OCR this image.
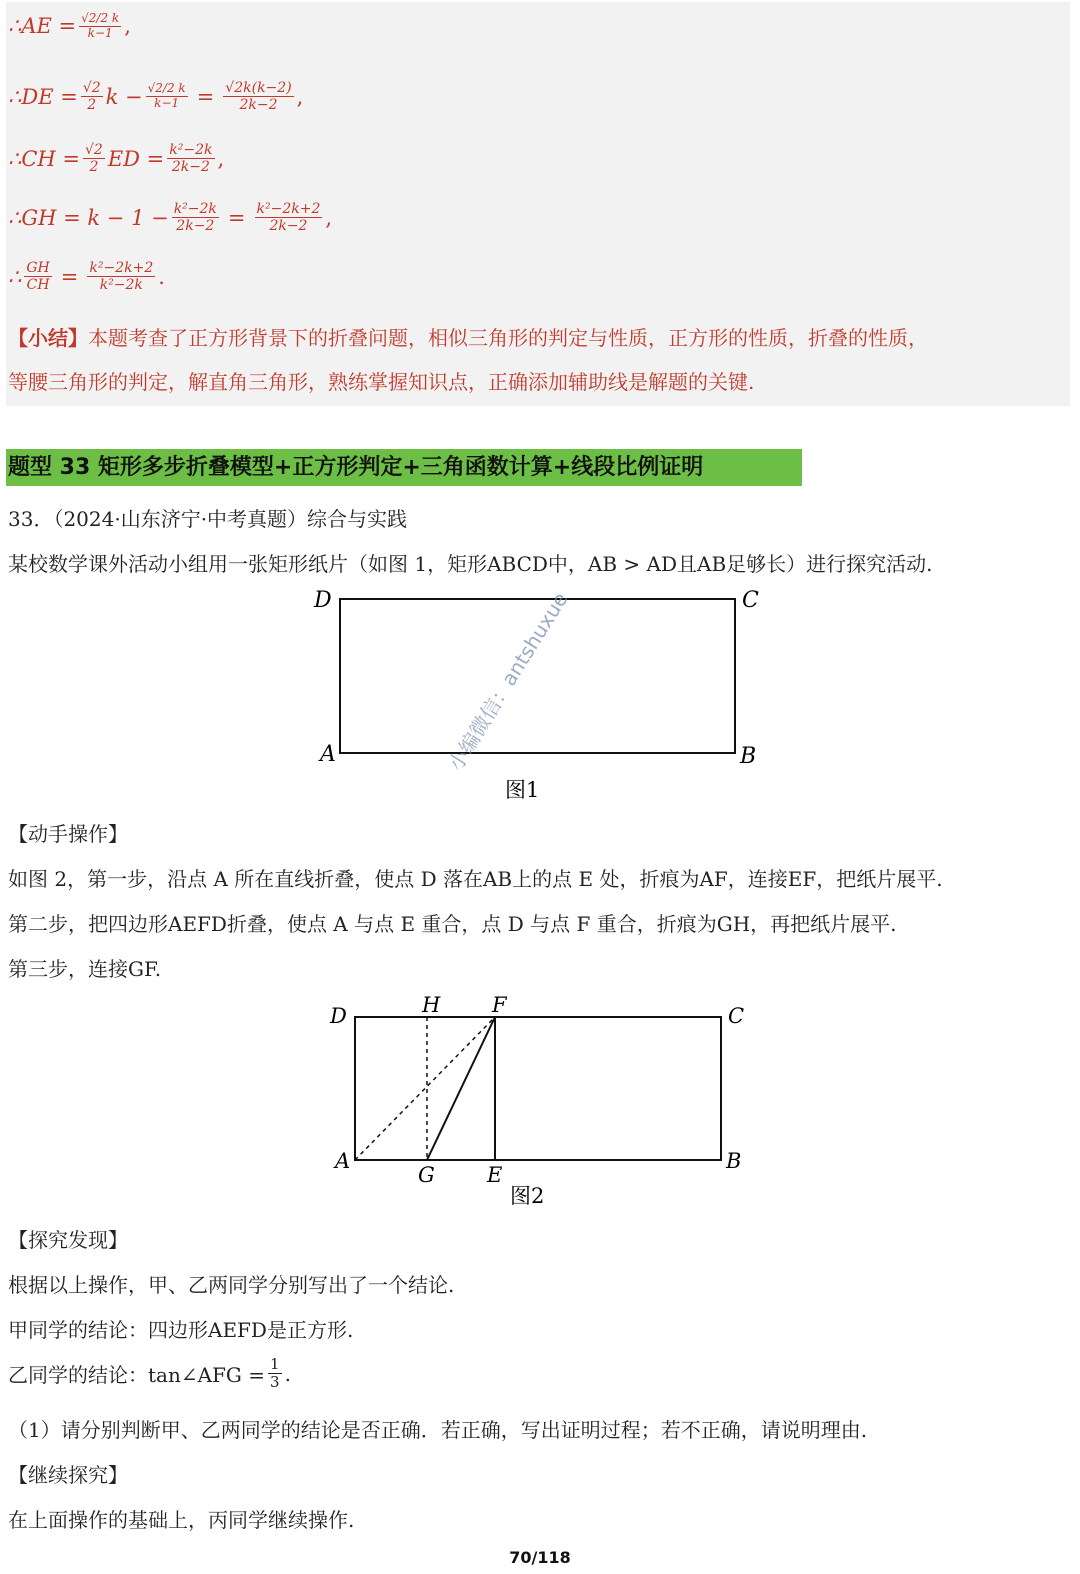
∴AE = $\frac{√2/2 k}{k-1}$ ,
∴DE = $\frac{√2}{2}$ $k - \frac{√2/2 k}{k-1} = \frac{√2k(k-2)}{2k-2}$ ,
∴CH = $\frac{√2}{2}$ ED = $\frac{\text{k²−2k}}{2k-2}$ ,
∴GH = $k - 1 - \frac{\text{k²−2k}}{2k-2} = \frac{\text{k²−2k+2}}{2k-2}$ ,
∴ $\frac{GH}{CH} = \frac{\text{k²−2k+2}}{\text{k²−2k}}$ .
【小结】本题考查了正方形背景下的折叠问题，相似三角形的判定与性质，正方形的性质，折叠的性质，
等腰三角形的判定，解直角三角形，熟练掌握知识点，正确添加辅助线是解题的关键.
题型 33 矩形多步折叠模型+正方形判定+三角函数计算+线段比例证明
33．（2024·山东济宁·中考真题）综合与实践
某校数学课外活动小组用一张矩形纸片（如图 1，矩形ABCD中，AB > AD且AB足够长）进行探究活动.
D	C
A	B
图1
【动手操作】
如图 2，第一步，沿点 A 所在直线折叠，使点 D 落在AB上的点 E 处，折痕为AF，连接EF，把纸片展平.
第二步，把四边形AEFD折叠，使点 A 与点 E 重合，点 D 与点 F 重合，折痕为GH，再把纸片展平.
第三步，连接GF.
D	H F	C
A
G E
B
图2
【探究发现】
根据以上操作，甲、乙两同学分别写出了一个结论.
甲同学的结论：四边形AEFD是正方形.
乙同学的结论：tan∠AFG = $\frac{1}{3}$ .
（1）请分别判断甲、乙两同学的结论是否正确．若正确，写出证明过程；若不正确，请说明理由.
【继续探究】
在上面操作的基础上，丙同学继续操作.
小编微信：antshuxue
70/118
